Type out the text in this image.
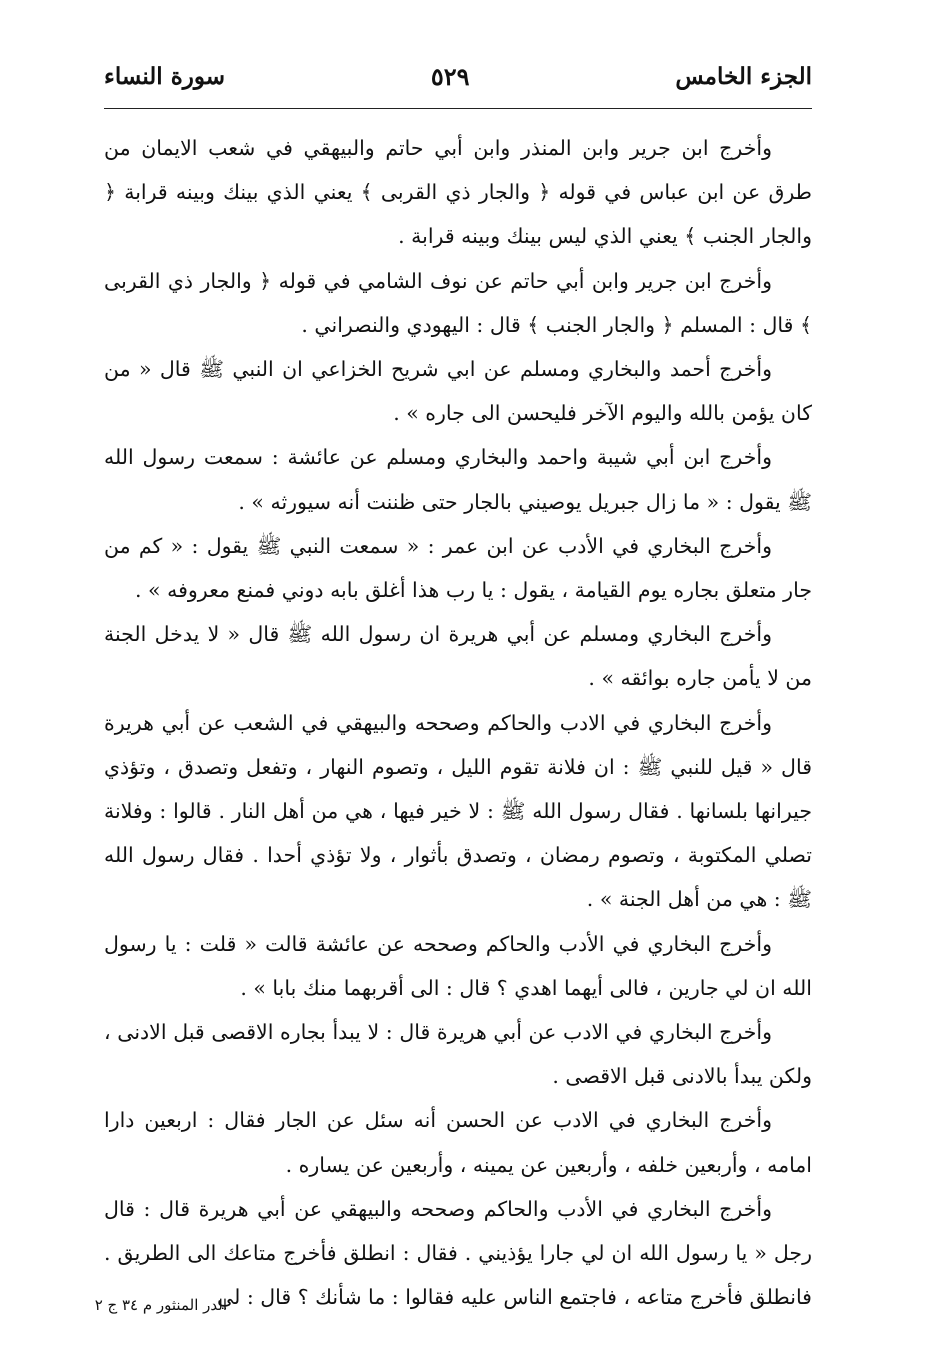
الجزء الخامس
٥٢٩
سورة النساء

وأخرج ابن جرير وابن المنذر وابن أبي حاتم والبيهقي في شعب الايمان من طرق عن ابن عباس في قوله ﴿ والجار ذي القربى ﴾ يعني الذي بينك وبينه قرابة ﴿ والجار الجنب ﴾ يعني الذي ليس بينك وبينه قرابة .

وأخرج ابن جرير وابن أبي حاتم عن نوف الشامي في قوله ﴿ والجار ذي القربى ﴾ قال : المسلم ﴿ والجار الجنب ﴾ قال : اليهودي والنصراني .

وأخرج أحمد والبخاري ومسلم عن ابي شريح الخزاعي ان النبي ﷺ قال « من كان يؤمن بالله واليوم الآخر فليحسن الى جاره » .

وأخرج ابن أبي شيبة واحمد والبخاري ومسلم عن عائشة : سمعت رسول الله ﷺ يقول : « ما زال جبريل يوصيني بالجار حتى ظننت أنه سيورثه » .

وأخرج البخاري في الأدب عن ابن عمر : « سمعت النبي ﷺ يقول : « كم من جار متعلق بجاره يوم القيامة ، يقول : يا رب هذا أغلق بابه دوني فمنع معروفه » .

وأخرج البخاري ومسلم عن أبي هريرة ان رسول الله ﷺ قال « لا يدخل الجنة من لا يأمن جاره بوائقه » .

وأخرج البخاري في الادب والحاكم وصححه والبيهقي في الشعب عن أبي هريرة قال « قيل للنبي ﷺ : ان فلانة تقوم الليل ، وتصوم النهار ، وتفعل وتصدق ، وتؤذي جيرانها بلسانها . فقال رسول الله ﷺ : لا خير فيها ، هي من أهل النار . قالوا : وفلانة تصلي المكتوبة ، وتصوم رمضان ، وتصدق بأثوار ، ولا تؤذي أحدا . فقال رسول الله ﷺ : هي من أهل الجنة » .

وأخرج البخاري في الأدب والحاكم وصححه عن عائشة قالت « قلت : يا رسول الله ان لي جارين ، فالى أيهما اهدي ؟ قال : الى أقربهما منك بابا » .

وأخرج البخاري في الادب عن أبي هريرة قال : لا يبدأ بجاره الاقصى قبل الادنى ، ولكن يبدأ بالادنى قبل الاقصى .

وأخرج البخاري في الادب عن الحسن أنه سئل عن الجار فقال : اربعين دارا امامه ، وأربعين خلفه ، وأربعين عن يمينه ، وأربعين عن يساره .

وأخرج البخاري في الأدب والحاكم وصححه والبيهقي عن أبي هريرة قال : قال رجل « يا رسول الله ان لي جارا يؤذيني . فقال : انطلق فأخرج متاعك الى الطريق . فانطلق فأخرج متاعه ، فاجتمع الناس عليه فقالوا : ما شأنك ؟ قال : لي

الدر المنثور م ٣٤ ج ٢
